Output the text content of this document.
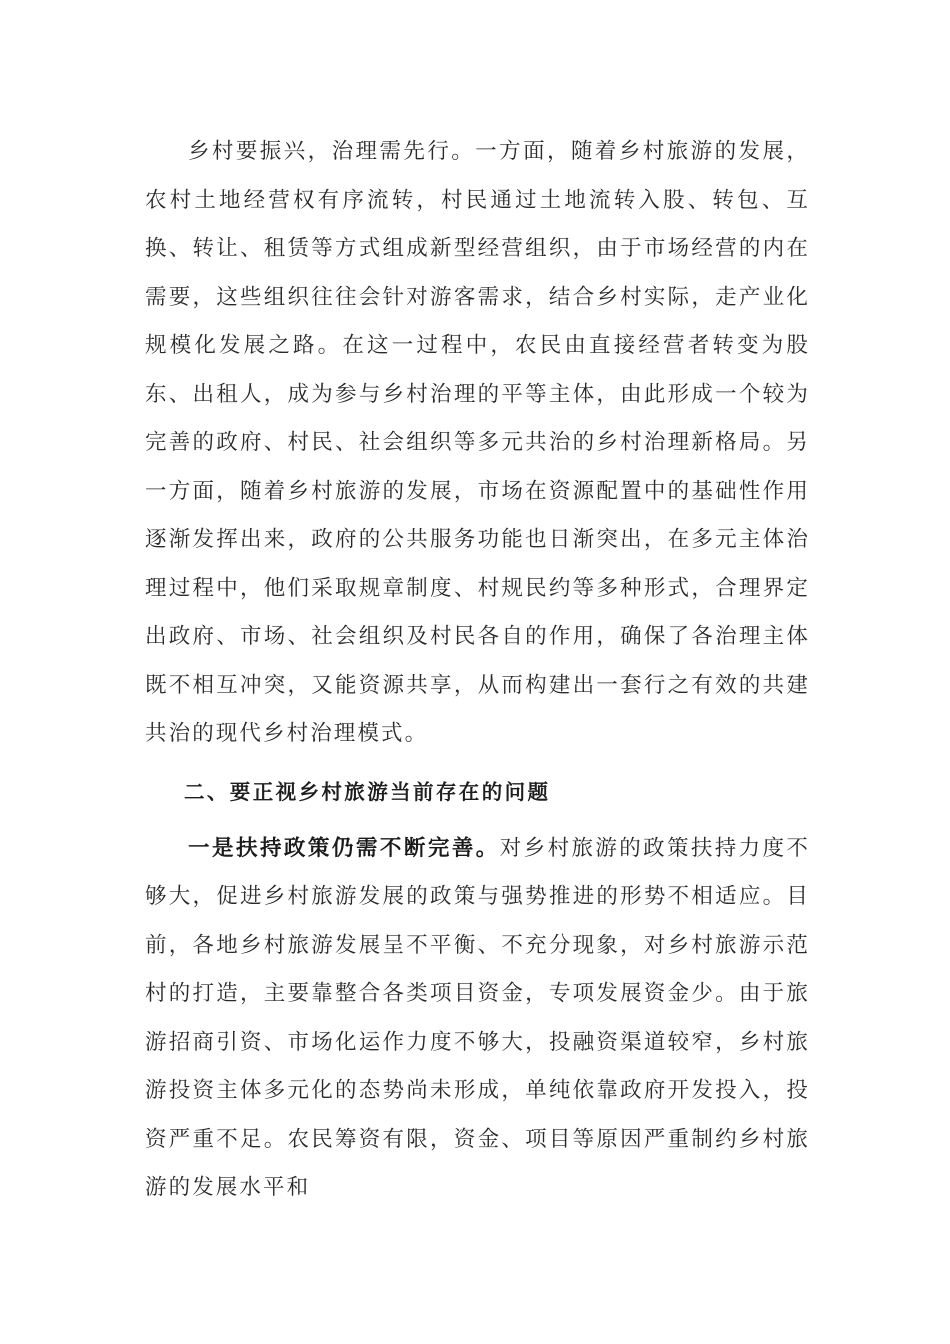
乡村要振兴，治理需先行。一方面，随着乡村旅游的发展，农村土地经营权有序流转，村民通过土地流转入股、转包、互换、转让、租赁等方式组成新型经营组织，由于市场经营的内在需要，这些组织往往会针对游客需求，结合乡村实际，走产业化规模化发展之路。在这一过程中，农民由直接经营者转变为股东、出租人，成为参与乡村治理的平等主体，由此形成一个较为完善的政府、村民、社会组织等多元共治的乡村治理新格局。另一方面，随着乡村旅游的发展，市场在资源配置中的基础性作用逐渐发挥出来，政府的公共服务功能也日渐突出，在多元主体治理过程中，他们采取规章制度、村规民约等多种形式，合理界定出政府、市场、社会组织及村民各自的作用，确保了各治理主体既不相互冲突，又能资源共享，从而构建出一套行之有效的共建共治的现代乡村治理模式。

二、要正视乡村旅游当前存在的问题

一是扶持政策仍需不断完善。对乡村旅游的政策扶持力度不够大，促进乡村旅游发展的政策与强势推进的形势不相适应。目前，各地乡村旅游发展呈不平衡、不充分现象，对乡村旅游示范村的打造，主要靠整合各类项目资金，专项发展资金少。由于旅游招商引资、市场化运作力度不够大，投融资渠道较窄，乡村旅游投资主体多元化的态势尚未形成，单纯依靠政府开发投入，投资严重不足。农民筹资有限，资金、项目等原因严重制约乡村旅游的发展水平和
